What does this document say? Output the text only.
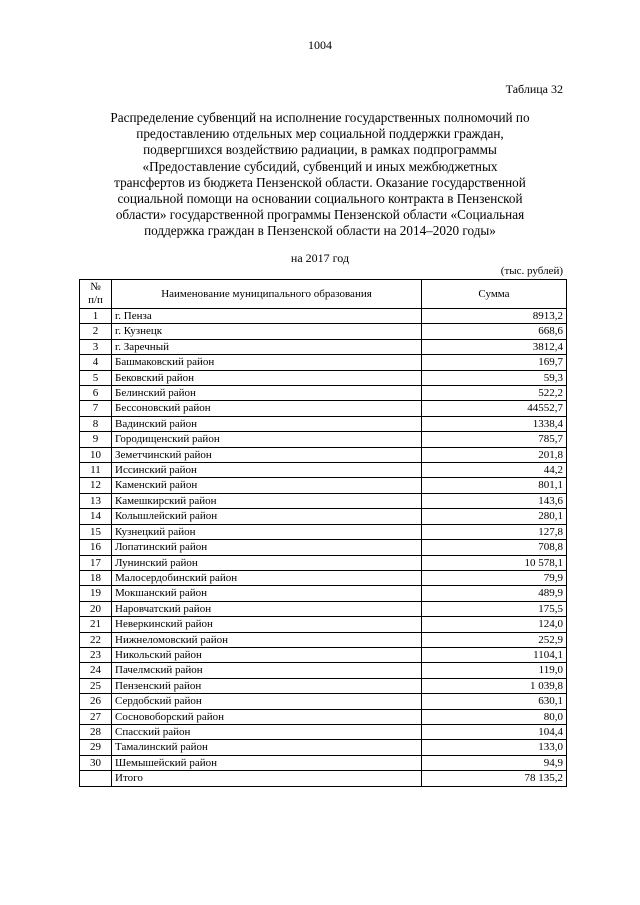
1004
Таблица 32
Распределение субвенций на исполнение государственных полномочий по
предоставлению отдельных мер социальной поддержки граждан,
подвергшихся воздействию радиации, в рамках подпрограммы
«Предоставление субсидий, субвенций и иных межбюджетных
трансфертов из бюджета Пензенской области. Оказание государственной
социальной помощи на основании социального контракта в Пензенской
области» государственной программы Пензенской области «Социальная
поддержка граждан в Пензенской области на 2014–2020 годы»
на 2017 год
(тыс. рублей)
№
п/п	Наименование муниципального образования	Сумма
1	г. Пенза	8913,2
2	г. Кузнецк	668,6
3	г. Заречный	3812,4
4	Башмаковский район	169,7
5	Бековский район	59,3
6	Белинский район	522,2
7	Бессоновский район	44552,7
8	Вадинский район	1338,4
9	Городищенский район	785,7
10	Земетчинский район	201,8
11	Иссинский район	44,2
12	Каменский район	801,1
13	Камешкирский район	143,6
14	Колышлейский район	280,1
15	Кузнецкий район	127,8
16	Лопатинский район	708,8
17	Лунинский район	10 578,1
18	Малосердобинский район	79,9
19	Мокшанский район	489,9
20	Наровчатский район	175,5
21	Неверкинский район	124,0
22	Нижнеломовский район	252,9
23	Никольский район	1104,1
24	Пачелмский район	119,0
25	Пензенский район	1 039,8
26	Сердобский район	630,1
27	Сосновоборский район	80,0
28	Спасский район	104,4
29	Тамалинский район	133,0
30	Шемышейский район	94,9
	Итого	78 135,2
